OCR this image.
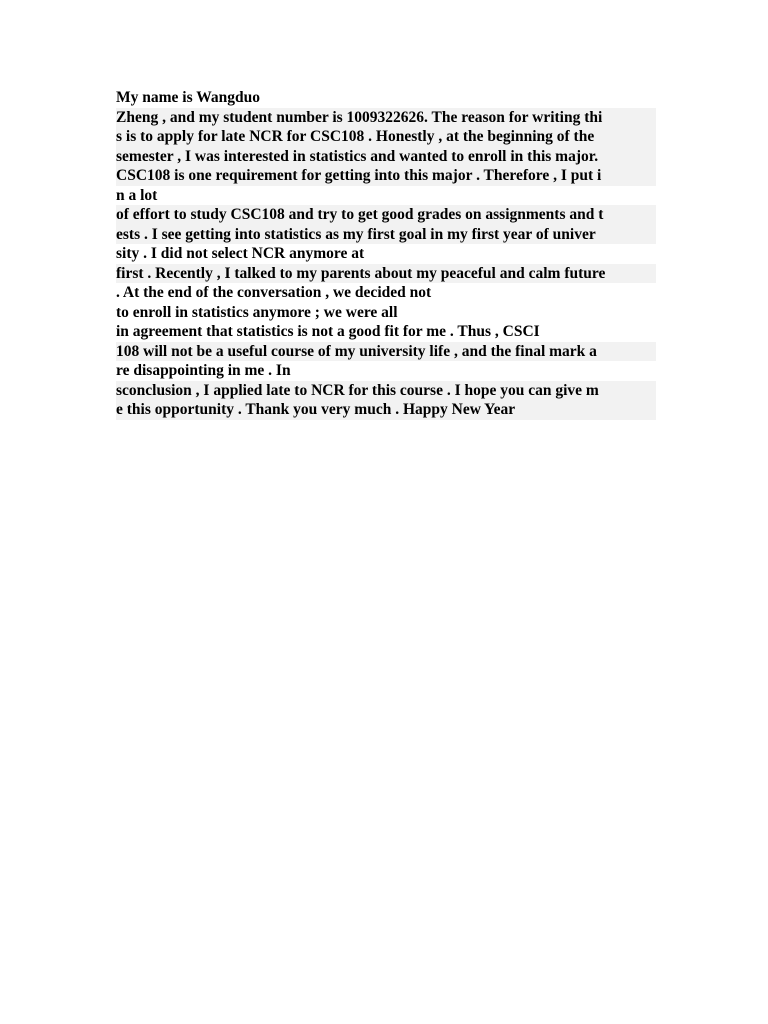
My name is Wangduo
Zheng , and my student number is 1009322626. The reason for writing thi
s is to apply for late NCR for CSC108 . Honestly , at the beginning of the
semester , I was interested in statistics and wanted to enroll in this major.
CSC108 is one requirement for getting into this major . Therefore , I put i
n a lot
of effort to study CSC108 and try to get good grades on assignments and t
ests . I see getting into statistics as my first goal in my first year of univer
sity . I did not select NCR anymore at
first . Recently , I talked to my parents about my peaceful and calm future
. At the end of the conversation , we decided not
to enroll in statistics anymore ; we were all
in agreement that statistics is not a good fit for me . Thus , CSCI
108 will not be a useful course of my university life , and the final mark a
re disappointing in me . In
sconclusion , I applied late to NCR for this course . I hope you can give m
e this opportunity . Thank you very much . Happy New Year
